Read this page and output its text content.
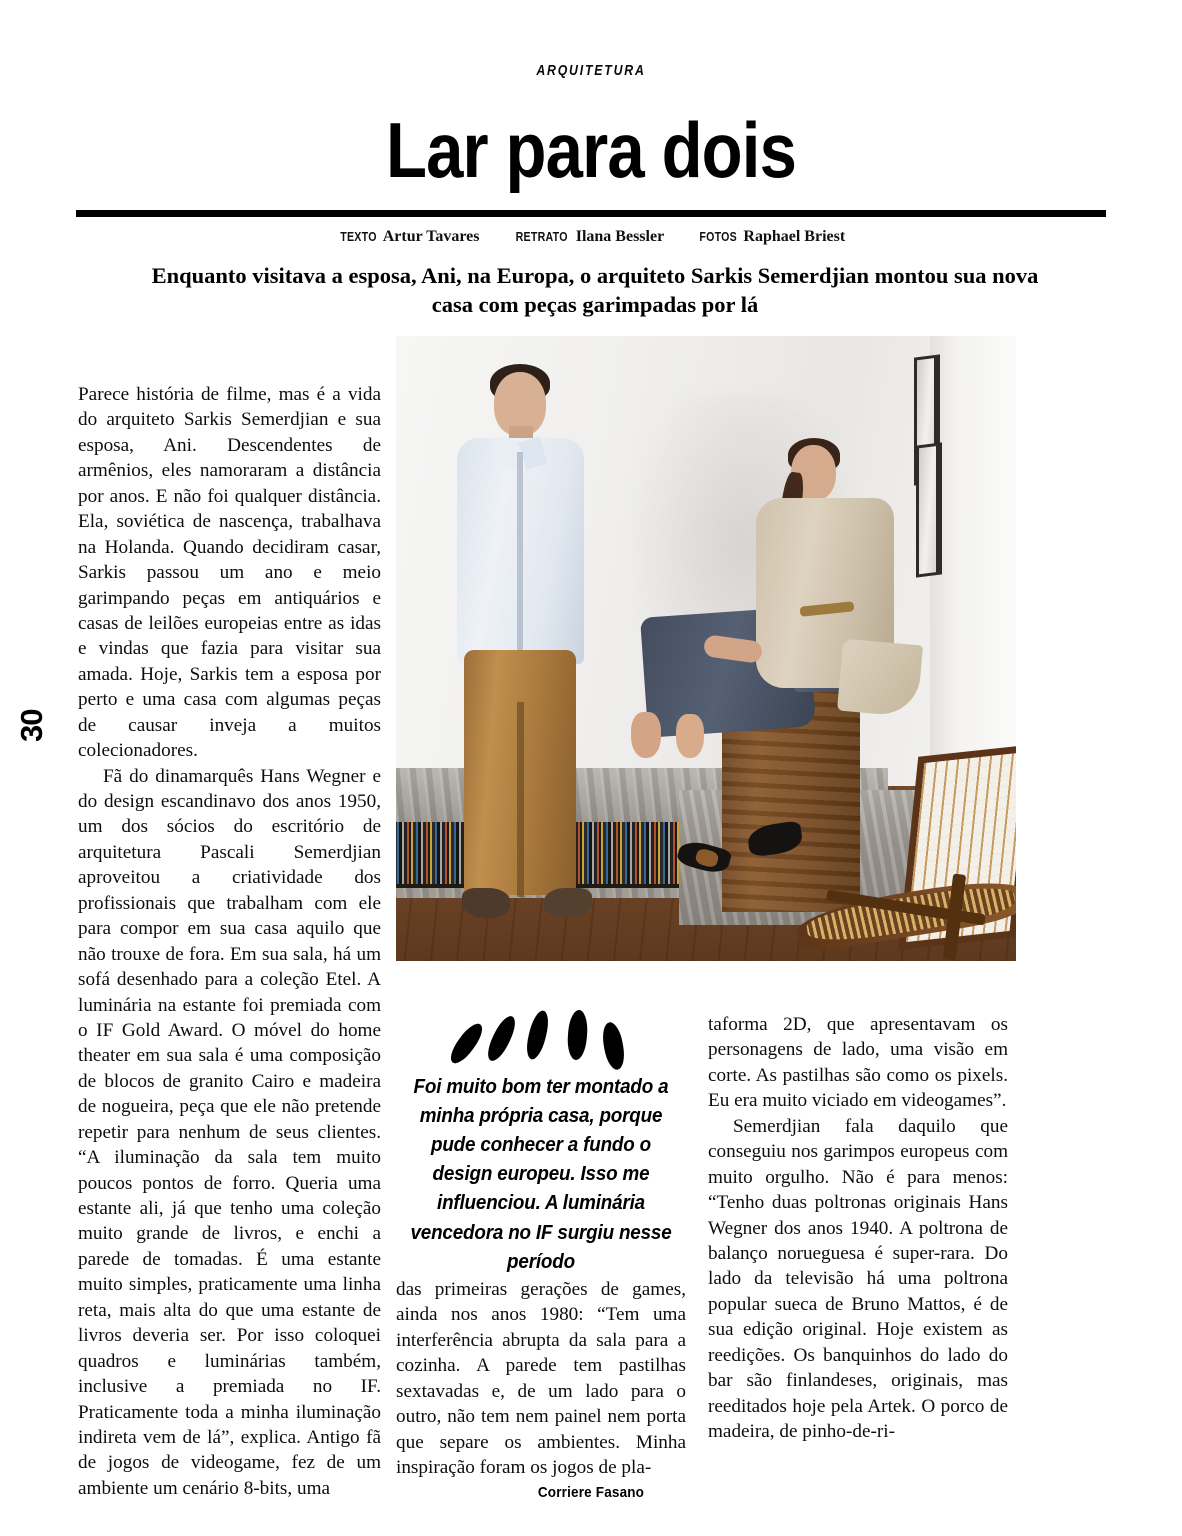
ARQUITETURA
Lar para dois
TEXTO Artur Tavares	RETRATO Ilana Bessler	FOTOS Raphael Briest
Enquanto visitava a esposa, Ani, na Europa, o arquiteto Sarkis Semerdjian montou sua nova casa com peças garimpadas por lá
30
Foi muito bom ter montado a minha própria casa, porque pude conhecer a fundo o design europeu. Isso me influenciou. A luminária vencedora no IF surgiu nesse período

Parece história de filme, mas é a vida do arquiteto Sarkis Semerdjian e sua esposa, Ani. Descendentes de armênios, eles namoraram a distância por anos. E não foi qualquer distância. Ela, soviética de nascença, trabalhava na Holanda. Quando decidiram casar, Sarkis passou um ano e meio garimpando peças em antiquários e casas de leilões europeias entre as idas e vindas que fazia para visitar sua amada. Hoje, Sarkis tem a esposa por perto e uma casa com algumas peças de causar inveja a muitos colecionadores.

Fã do dinamarquês Hans Wegner e do design escandinavo dos anos 1950, um dos sócios do escritório de arquitetura Pascali Semerdjian aproveitou a criatividade dos profissionais que trabalham com ele para compor em sua casa aquilo que não trouxe de fora. Em sua sala, há um sofá desenhado para a coleção Etel. A luminária na estante foi premiada com o IF Gold Award. O móvel do home theater em sua sala é uma composição de blocos de granito Cairo e madeira de nogueira, peça que ele não pretende repetir para nenhum de seus clientes. “A iluminação da sala tem muito poucos pontos de forro. Queria uma estante ali, já que tenho uma coleção muito grande de livros, e enchi a parede de tomadas. É uma estante muito simples, praticamente uma linha reta, mais alta do que uma estante de livros deveria ser. Por isso coloquei quadros e luminárias também, inclusive a premiada no IF. Praticamente toda a minha iluminação indireta vem de lá”, explica. Antigo fã de jogos de videogame, fez de um ambiente um cenário 8-bits, uma

das primeiras gerações de games, ainda nos anos 1980: “Tem uma interferência abrupta da sala para a cozinha. A parede tem pastilhas sextavadas e, de um lado para o outro, não tem nem painel nem porta que separe os ambientes. Minha inspiração foram os jogos de pla-

taforma 2D, que apresentavam os personagens de lado, uma visão em corte. As pastilhas são como os pixels. Eu era muito viciado em videogames”.

Semerdjian fala daquilo que conseguiu nos garimpos europeus com muito orgulho. Não é para menos: “Tenho duas poltronas originais Hans Wegner dos anos 1940. A poltrona de balanço norueguesa é super-rara. Do lado da televisão há uma poltrona popular sueca de Bruno Mattos, é de sua edição original. Hoje existem as reedições. Os banquinhos do lado do bar são finlandeses, originais, mas reeditados hoje pela Artek. O porco de madeira, de pinho-de-ri-

Corriere Fasano
